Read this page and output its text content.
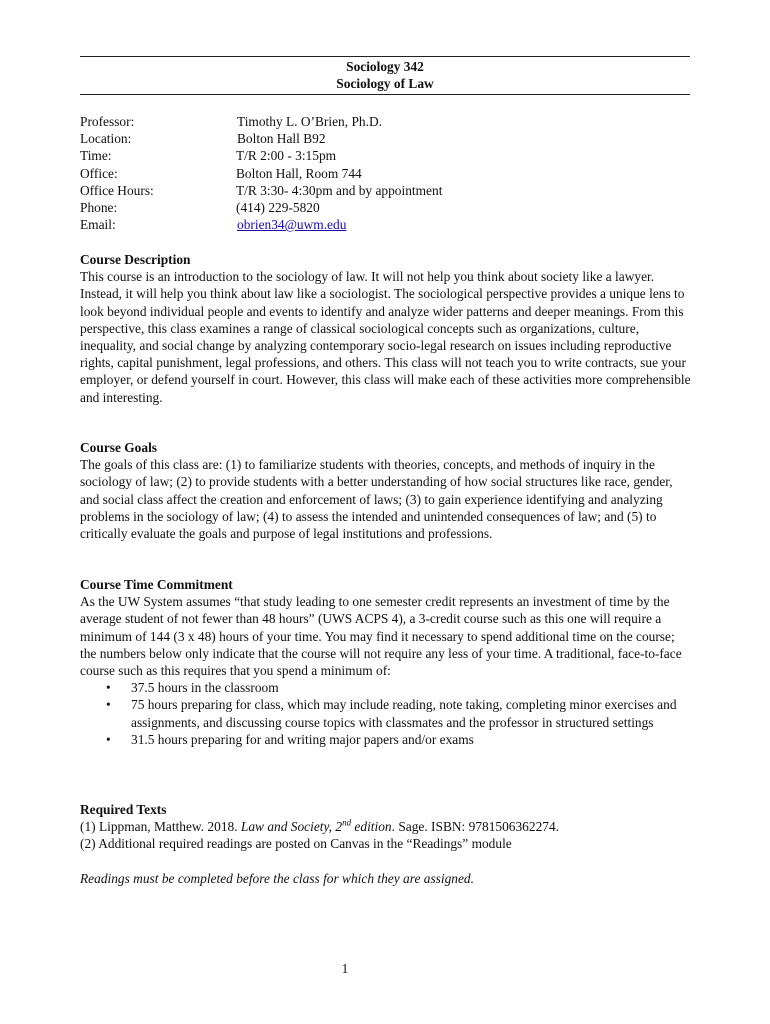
Sociology 342
Sociology of Law
Professor:	Timothy L. O’Brien, Ph.D.
Location:	Bolton Hall B92
Time:	T/R 2:00 - 3:15pm
Office:	Bolton Hall, Room 744
Office Hours:	T/R 3:30- 4:30pm and by appointment
Phone:	(414) 229-5820
Email:	obrien34@uwm.edu
Course Description

This course is an introduction to the sociology of law. It will not help you think about society like a lawyer. Instead, it will help you think about law like a sociologist. The sociological perspective provides a unique lens to look beyond individual people and events to identify and analyze wider patterns and deeper meanings. From this perspective, this class examines a range of classical sociological concepts such as organizations, culture, inequality, and social change by analyzing contemporary socio-legal research on issues including reproductive rights, capital punishment, legal professions, and others. This class will not teach you to write contracts, sue your employer, or defend yourself in court. However, this class will make each of these activities more comprehensible and interesting.

Course Goals

The goals of this class are: (1) to familiarize students with theories, concepts, and methods of inquiry in the sociology of law; (2) to provide students with a better understanding of how social structures like race, gender, and social class affect the creation and enforcement of laws; (3) to gain experience identifying and analyzing problems in the sociology of law; (4) to assess the intended and unintended consequences of law; and (5) to critically evaluate the goals and purpose of legal institutions and professions.

Course Time Commitment

As the UW System assumes “that study leading to one semester credit represents an investment of time by the average student of not fewer than 48 hours” (UWS ACPS 4), a 3-credit course such as this one will require a minimum of 144 (3 x 48) hours of your time. You may find it necessary to spend additional time on the course; the numbers below only indicate that the course will not require any less of your time. A traditional, face-to-face course such as this requires that you spend a minimum of:

• 37.5 hours in the classroom
• 75 hours preparing for class, which may include reading, note taking, completing minor exercises and assignments, and discussing course topics with classmates and the professor in structured settings
• 31.5 hours preparing for and writing major papers and/or exams
Required Texts

(1) Lippman, Matthew. 2018. Law and Society, 2nd edition. Sage. ISBN: 9781506362274.

(2) Additional required readings are posted on Canvas in the “Readings” module

Readings must be completed before the class for which they are assigned.

1
